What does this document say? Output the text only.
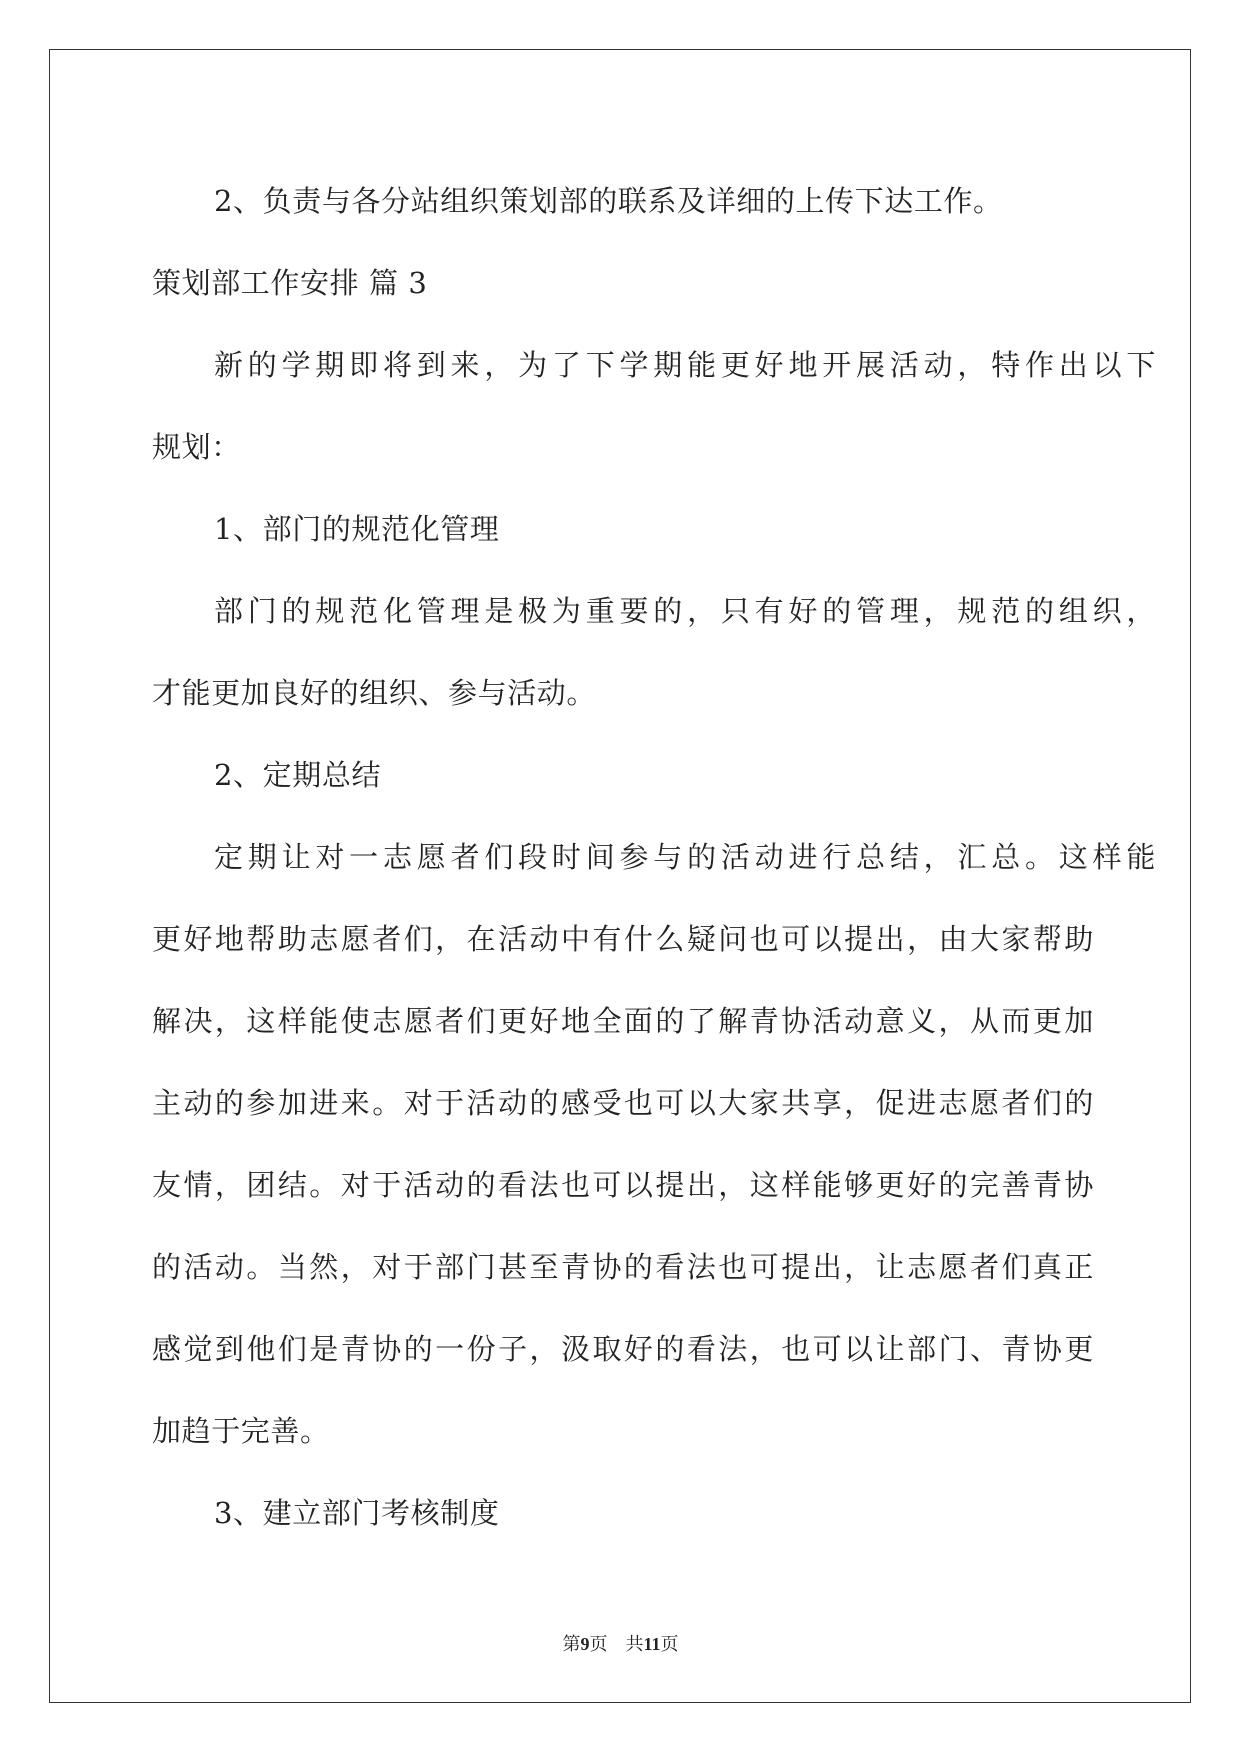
2、负责与各分站组织策划部的联系及详细的上传下达工作。

策划部工作安排 篇 3

新的学期即将到来，为了下学期能更好地开展活动，特作出以下

规划：

1、部门的规范化管理

部门的规范化管理是极为重要的，只有好的管理，规范的组织，

才能更加良好的组织、参与活动。

2、定期总结

定期让对一志愿者们段时间参与的活动进行总结，汇总。这样能

更好地帮助志愿者们，在活动中有什么疑问也可以提出，由大家帮助

解决，这样能使志愿者们更好地全面的了解青协活动意义，从而更加

主动的参加进来。对于活动的感受也可以大家共享，促进志愿者们的

友情，团结。对于活动的看法也可以提出，这样能够更好的完善青协

的活动。当然，对于部门甚至青协的看法也可提出，让志愿者们真正

感觉到他们是青协的一份子，汲取好的看法，也可以让部门、青协更

加趋于完善。

3、建立部门考核制度

第9页  共11页
